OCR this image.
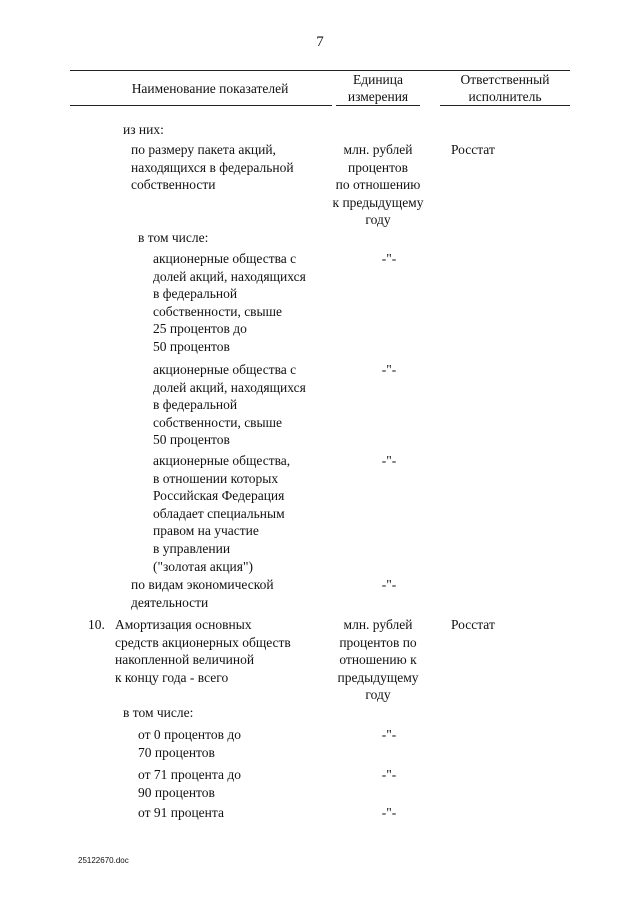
7
Наименование показателей
Единица
измерения
Ответственный
исполнитель
из них:
по размеру пакета акций,
находящихся в федеральной
собственности
млн. рублей
процентов
по отношению
к предыдущему
году
Росстат
в том числе:
акционерные общества с
долей акций, находящихся
в федеральной
собственности, свыше
25 процентов до
50 процентов
-"-
акционерные общества с
долей акций, находящихся
в федеральной
собственности, свыше
50 процентов
-"-
акционерные общества,
в отношении которых
Российская Федерация
обладает специальным
правом на участие
в управлении
("золотая акция")
-"-
по видам экономической
деятельности
-"-
10. Амортизация основных
средств акционерных обществ
накопленной величиной
к концу года - всего
млн. рублей
процентов по
отношению к
предыдущему
году
Росстат
в том числе:
от 0 процентов до
70 процентов
-"-
от 71 процента до
90 процентов
-"-
от 91 процента	-"-
25122670.doc
